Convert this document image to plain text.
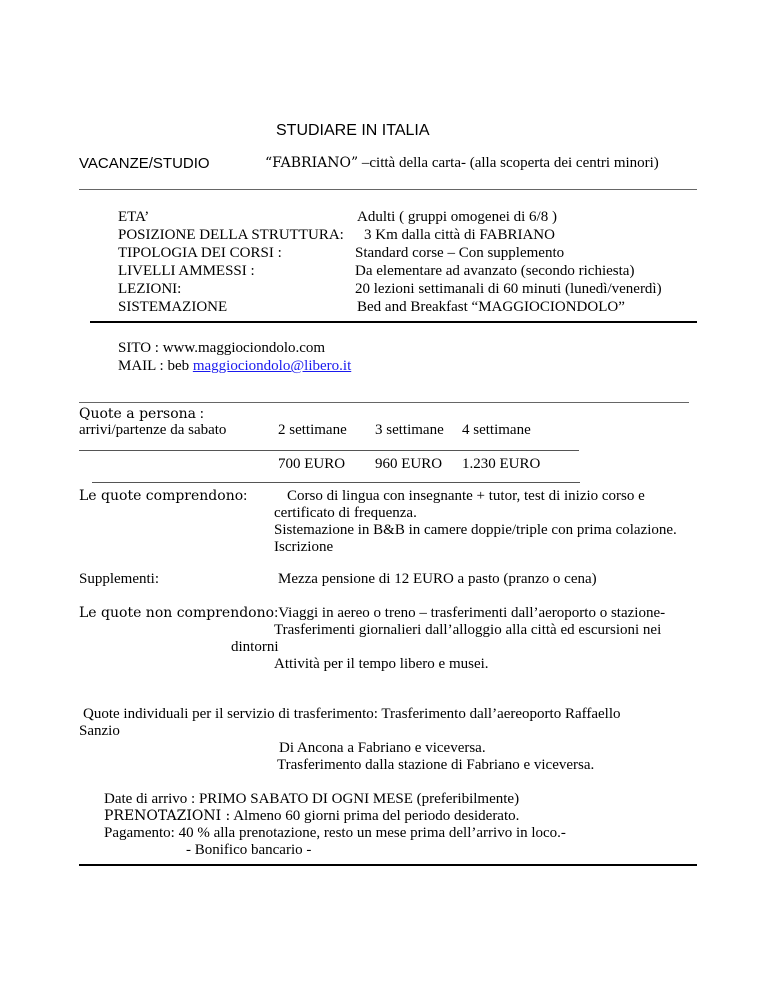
STUDIARE IN ITALIA
VACANZE/STUDIO	“FABRIANO” –città della carta- (alla scoperta dei centri minori)
ETA’	Adulti ( gruppi omogenei di 6/8 )
POSIZIONE DELLA STRUTTURA: 3 Km dalla città di FABRIANO
TIPOLOGIA DEI CORSI :	Standard corse – Con supplemento
LIVELLI AMMESSI :	Da elementare ad avanzato (secondo richiesta)
LEZIONI:	20 lezioni settimanali di 60 minuti (lunedì/venerdì)
SISTEMAZIONE	Bed and Breakfast “MAGGIOCIONDOLO”
SITO : www.maggiociondolo.com
MAIL : beb maggiociondolo@libero.it
Quote a persona :
arrivi/partenze da sabato	2 settimane 3 settimane 4 settimane
700 EURO 960 EURO 1.230 EURO
Le quote comprendono:	Corso di lingua con insegnante + tutor, test di inizio corso e
certificato di frequenza.
Sistemazione in B&B in camere doppie/triple con prima colazione.
Iscrizione
Supplementi:	Mezza pensione di 12 EURO a pasto (pranzo o cena)
Le quote non comprendono:Viaggi in aereo o treno – trasferimenti dall’aeroporto o stazione-
Trasferimenti giornalieri dall’alloggio alla città ed escursioni nei
dintorni
Attività per il tempo libero e musei.
Quote individuali per il servizio di trasferimento: Trasferimento dall’aereoporto Raffaello
Sanzio
Di Ancona a Fabriano e viceversa.
Trasferimento dalla stazione di Fabriano e viceversa.
Date di arrivo : PRIMO SABATO DI OGNI MESE (preferibilmente)
PRENOTAZIONI : Almeno 60 giorni prima del periodo desiderato.
Pagamento: 40 % alla prenotazione, resto un mese prima dell’arrivo in loco.-
- Bonifico bancario -
